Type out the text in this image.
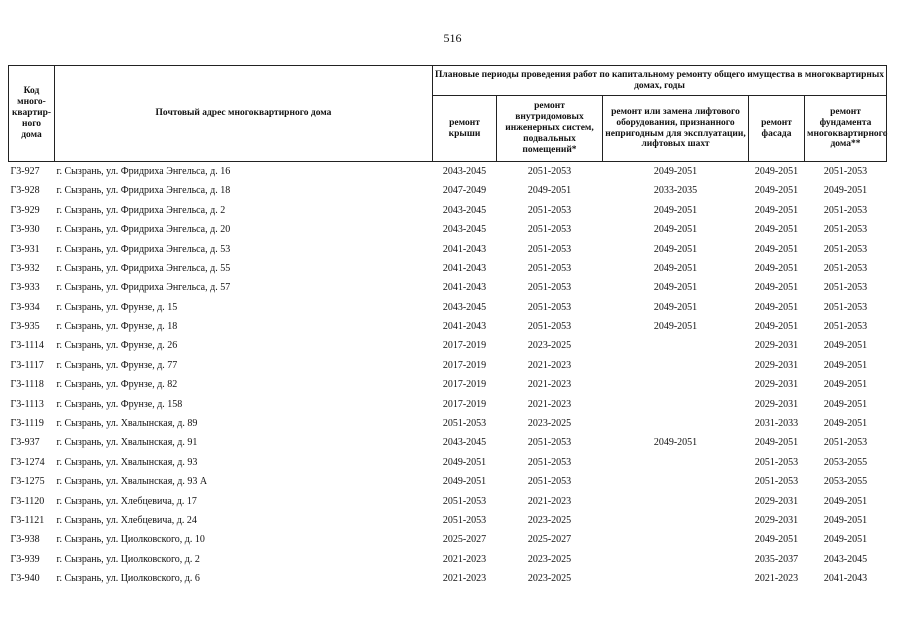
516
Код много-квартир-ного дома	Почтовый адрес многоквартирного дома	Плановые периоды проведения работ по капитальному ремонту общего имущества в многоквартирных домах, годы				
		ремонт крыши	ремонт внутридомовых инженерных систем, подвальных помещений*	ремонт или замена лифтового оборудования, признанного непригодным для эксплуатации, лифтовых шахт	ремонт фасада	ремонт фундамента многоквартирного дома**
Г3-927	г. Сызрань, ул. Фридриха Энгельса, д. 16	2043-2045	2051-2053	2049-2051	2049-2051	2051-2053
Г3-928	г. Сызрань, ул. Фридриха Энгельса, д. 18	2047-2049	2049-2051	2033-2035	2049-2051	2049-2051
Г3-929	г. Сызрань, ул. Фридриха Энгельса, д. 2	2043-2045	2051-2053	2049-2051	2049-2051	2051-2053
Г3-930	г. Сызрань, ул. Фридриха Энгельса, д. 20	2043-2045	2051-2053	2049-2051	2049-2051	2051-2053
Г3-931	г. Сызрань, ул. Фридриха Энгельса, д. 53	2041-2043	2051-2053	2049-2051	2049-2051	2051-2053
Г3-932	г. Сызрань, ул. Фридриха Энгельса, д. 55	2041-2043	2051-2053	2049-2051	2049-2051	2051-2053
Г3-933	г. Сызрань, ул. Фридриха Энгельса, д. 57	2041-2043	2051-2053	2049-2051	2049-2051	2051-2053
Г3-934	г. Сызрань, ул. Фрунзе, д. 15	2043-2045	2051-2053	2049-2051	2049-2051	2051-2053
Г3-935	г. Сызрань, ул. Фрунзе, д. 18	2041-2043	2051-2053	2049-2051	2049-2051	2051-2053
Г3-1114	г. Сызрань, ул. Фрунзе, д. 26	2017-2019	2023-2025		2029-2031	2049-2051
Г3-1117	г. Сызрань, ул. Фрунзе, д. 77	2017-2019	2021-2023		2029-2031	2049-2051
Г3-1118	г. Сызрань, ул. Фрунзе, д. 82	2017-2019	2021-2023		2029-2031	2049-2051
Г3-1113	г. Сызрань, ул. Фрунзе, д. 158	2017-2019	2021-2023		2029-2031	2049-2051
Г3-1119	г. Сызрань, ул. Хвалынская, д. 89	2051-2053	2023-2025		2031-2033	2049-2051
Г3-937	г. Сызрань, ул. Хвалынская, д. 91	2043-2045	2051-2053	2049-2051	2049-2051	2051-2053
Г3-1274	г. Сызрань, ул. Хвалынская, д. 93	2049-2051	2051-2053		2051-2053	2053-2055
Г3-1275	г. Сызрань, ул. Хвалынская, д. 93 А	2049-2051	2051-2053		2051-2053	2053-2055
Г3-1120	г. Сызрань, ул. Хлебцевича, д. 17	2051-2053	2021-2023		2029-2031	2049-2051
Г3-1121	г. Сызрань, ул. Хлебцевича, д. 24	2051-2053	2023-2025		2029-2031	2049-2051
Г3-938	г. Сызрань, ул. Циолковского, д. 10	2025-2027	2025-2027		2049-2051	2049-2051
Г3-939	г. Сызрань, ул. Циолковского, д. 2	2021-2023	2023-2025		2035-2037	2043-2045
Г3-940	г. Сызрань, ул. Циолковского, д. 6	2021-2023	2023-2025		2021-2023	2041-2043
